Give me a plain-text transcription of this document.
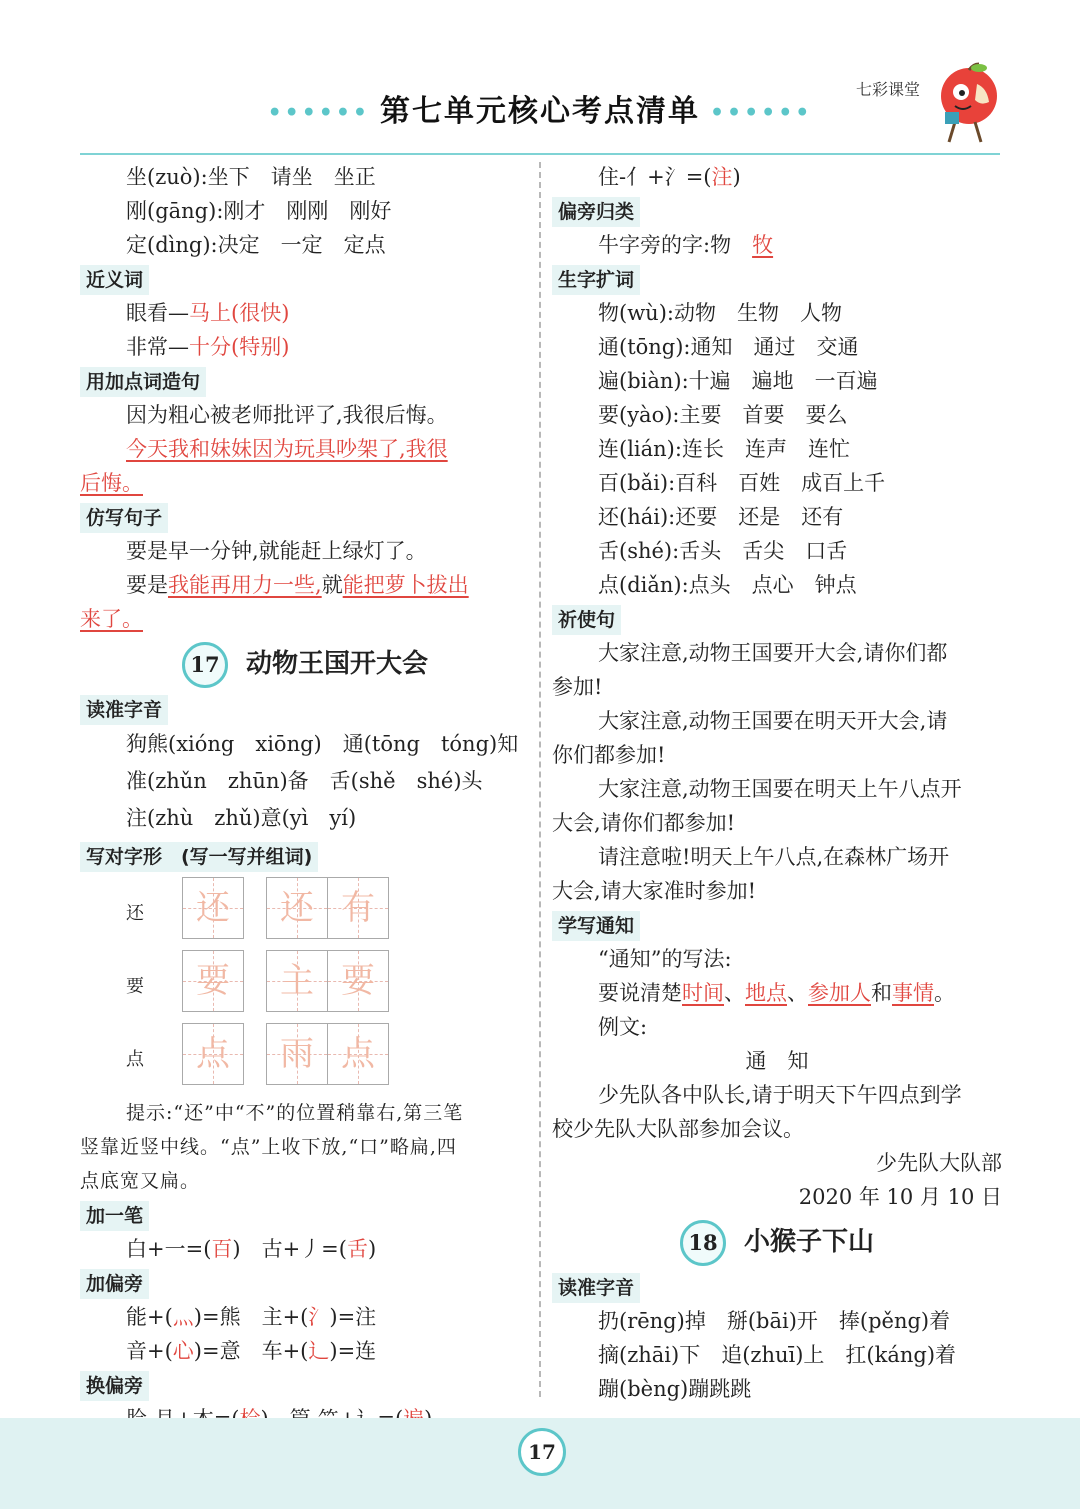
•••••• 第七单元核心考点清单 ••••••
七彩课堂
坐(zuò):坐下　请坐　坐正
刚(gāng):刚才　刚刚　刚好
定(dìng):决定　一定　定点
近义词
眼看—马上(很快)
非常—十分(特别)
用加点词造句
因为粗心被老师批评了,我很后悔。
今天我和妹妹因为玩具吵架了,我很
后悔。
仿写句子
要是早一分钟,就能赶上绿灯了。
要是我能再用力一些,就能把萝卜拔出
来了。
17 动物王国开大会
读准字音
狗熊(xióng　xiōng)　通(tōng　tóng)知
准(zhǔn　zhūn)备　舌(shě　shé)头
注(zhù　zhǔ)意(yì　yí)
写对字形　(写一写并组词)
还	还	还 有
要	要	主 要
点	点	雨 点
提示:“还”中“不”的位置稍靠右,第三笔
竖靠近竖中线。“点”上收下放,“口”略扁,四
点底宽又扁。
加一笔
白+一=(百)　古+丿=(舌)
加偏旁
能+(灬)=熊　主+(氵)=注
音+(心)=意　车+(辶)=连
换偏旁
住-亻+氵=(注)
偏旁归类
牛字旁的字:物　牧
生字扩词
物(wù):动物　生物　人物
通(tōng):通知　通过　交通
遍(biàn):十遍　遍地　一百遍
要(yào):主要　首要　要么
连(lián):连长　连声　连忙
百(bǎi):百科　百姓　成百上千
还(hái):还要　还是　还有
舌(shé):舌头　舌尖　口舌
点(diǎn):点头　点心　钟点
祈使句
大家注意,动物王国要开大会,请你们都
参加!
大家注意,动物王国要在明天开大会,请
你们都参加!
大家注意,动物王国要在明天上午八点开
大会,请你们都参加!
请注意啦!明天上午八点,在森林广场开
大会,请大家准时参加!
学写通知
“通知”的写法:
要说清楚时间、地点、参加人和事情。
例文:
通　知
少先队各中队长,请于明天下午四点到学
校少先队大队部参加会议。
少先队大队部
2020 年 10 月 10 日
18 小猴子下山
读准字音
扔(rēng)掉　掰(bāi)开　捧(pěng)着
摘(zhāi)下　追(zhuī)上　扛(káng)着
蹦(bèng)蹦跳跳
17
